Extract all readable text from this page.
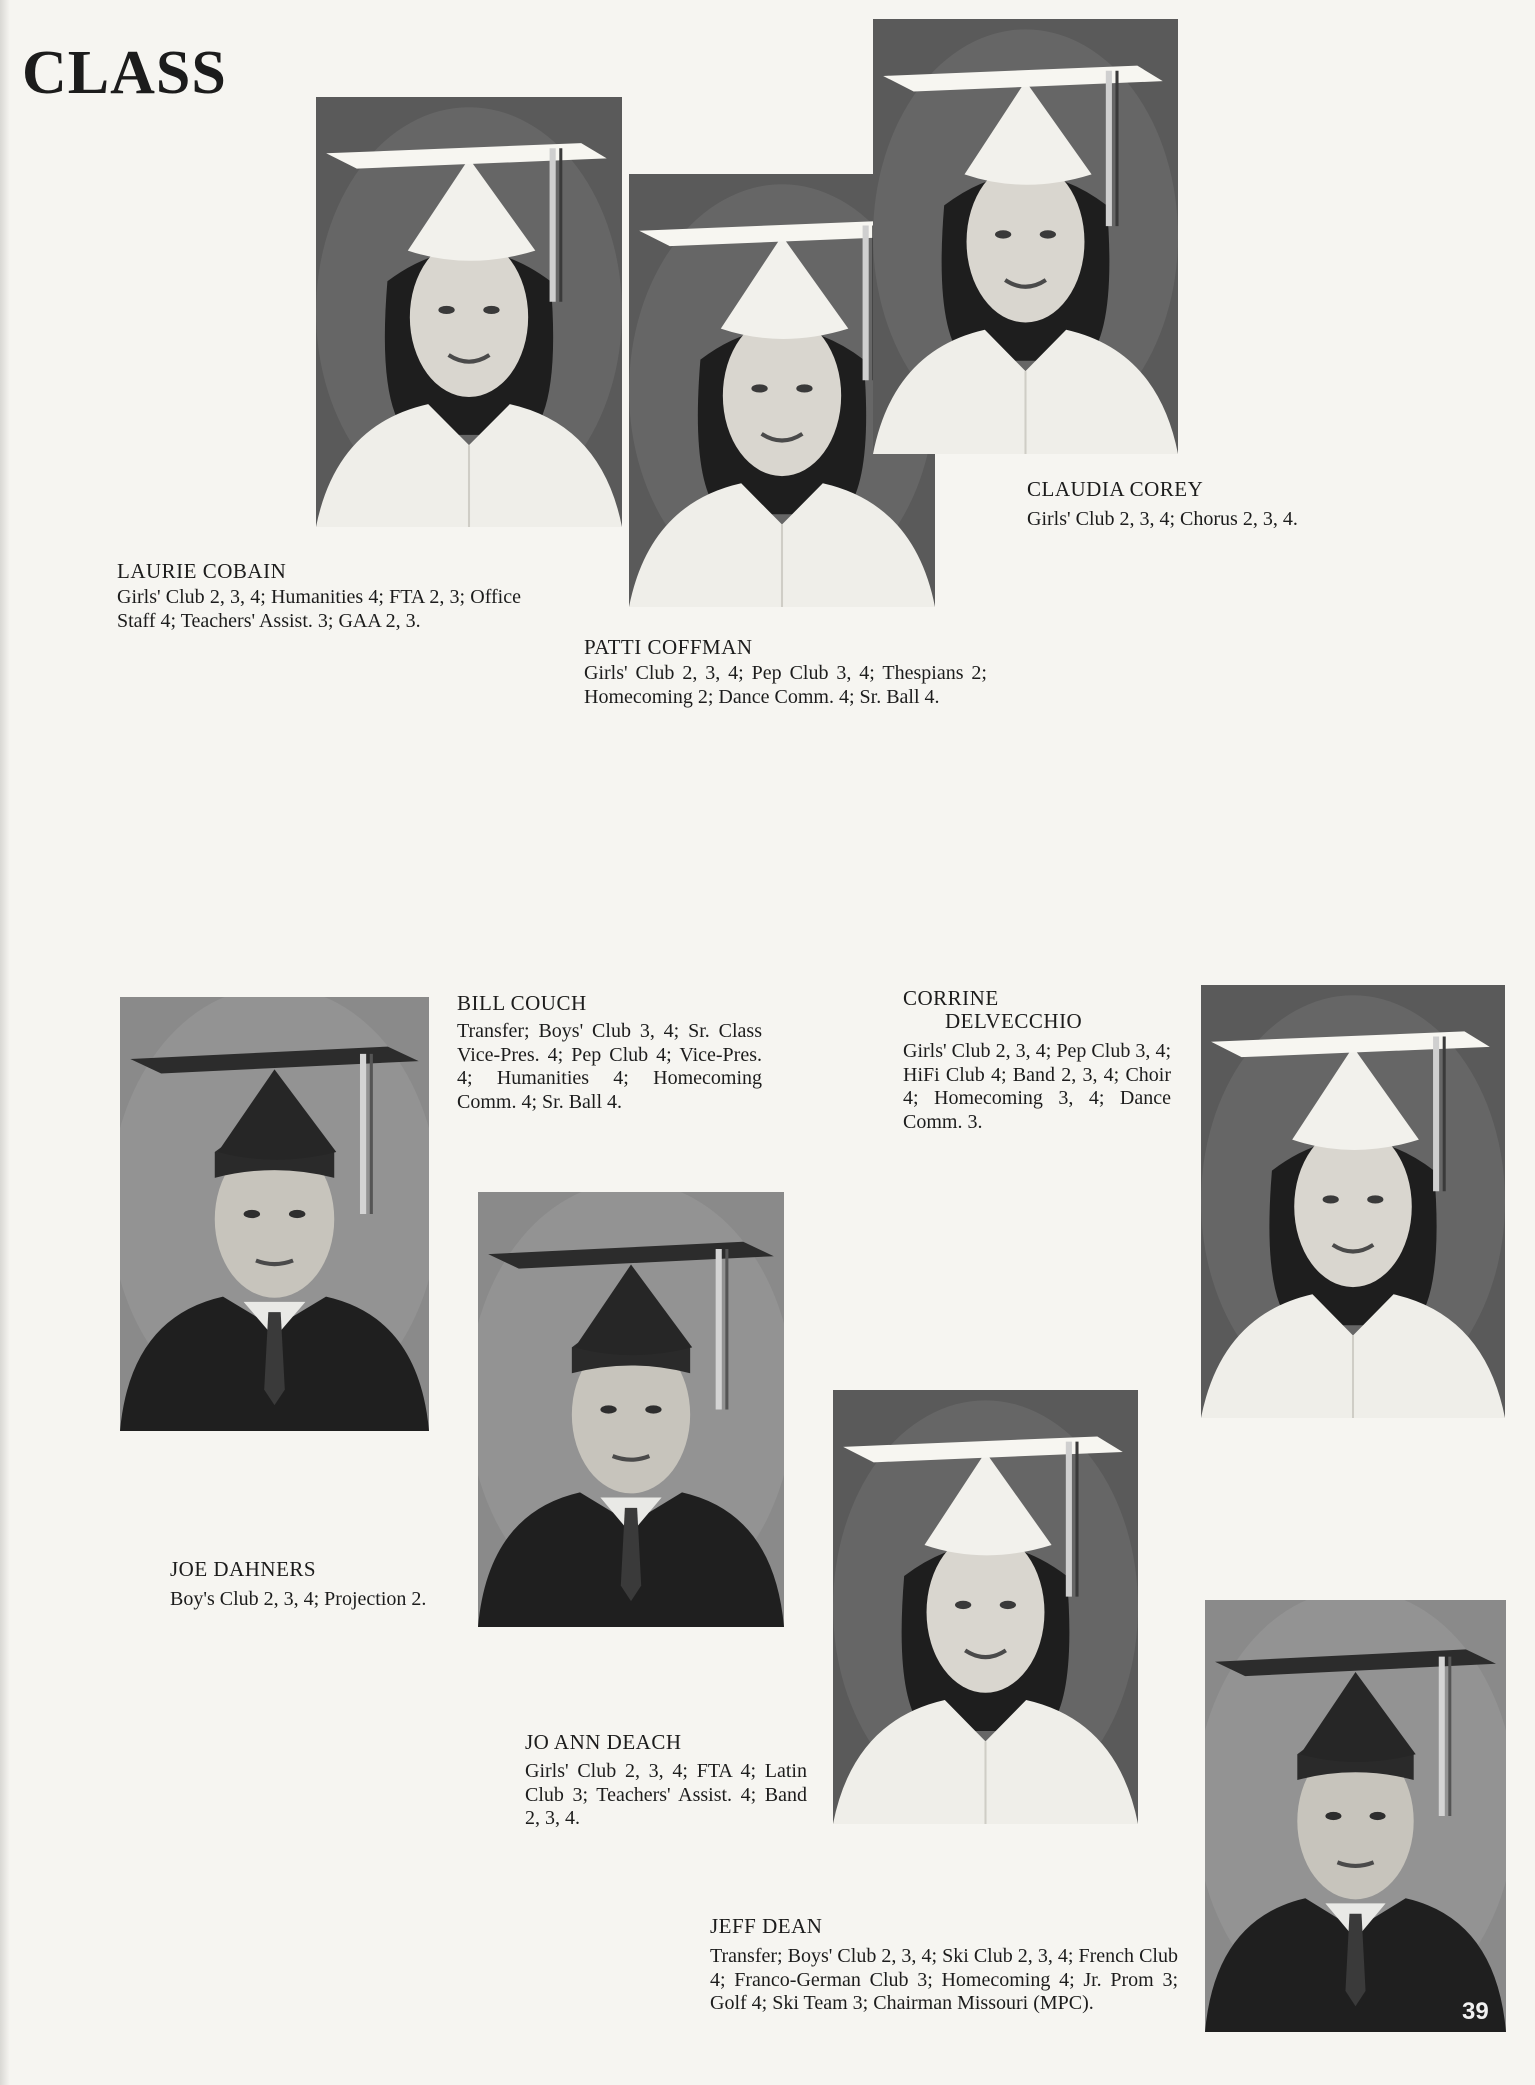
CLASS
LAURIE COBAIN
Girls' Club 2, 3, 4; Humanities 4; FTA 2, 3; Office Staff 4; Teachers' Assist. 3; GAA 2, 3.
PATTI COFFMAN
Girls' Club 2, 3, 4; Pep Club 3, 4; Thespians 2; Homecoming 2; Dance Comm. 4; Sr. Ball 4.
CLAUDIA COREY
Girls' Club 2, 3, 4; Chorus 2, 3, 4.
BILL COUCH
Transfer; Boys' Club 3, 4; Sr. Class Vice-Pres. 4; Pep Club 4; Vice-Pres. 4; Humanities 4; Homecoming Comm. 4; Sr. Ball 4.
CORRINE
DELVECCHIO
Girls' Club 2, 3, 4; Pep Club 3, 4; HiFi Club 4; Band 2, 3, 4; Choir 4; Homecoming 3, 4; Dance Comm. 3.
JOE DAHNERS
Boy's Club 2, 3, 4; Projection 2.
JO ANN DEACH
Girls' Club 2, 3, 4; FTA 4; Latin Club 3; Teachers' Assist. 4; Band 2, 3, 4.
JEFF DEAN
Transfer; Boys' Club 2, 3, 4; Ski Club 2, 3, 4; French Club 4; Franco-German Club 3; Homecoming 4; Jr. Prom 3; Golf 4; Ski Team 3; Chairman Missouri (MPC).	39
